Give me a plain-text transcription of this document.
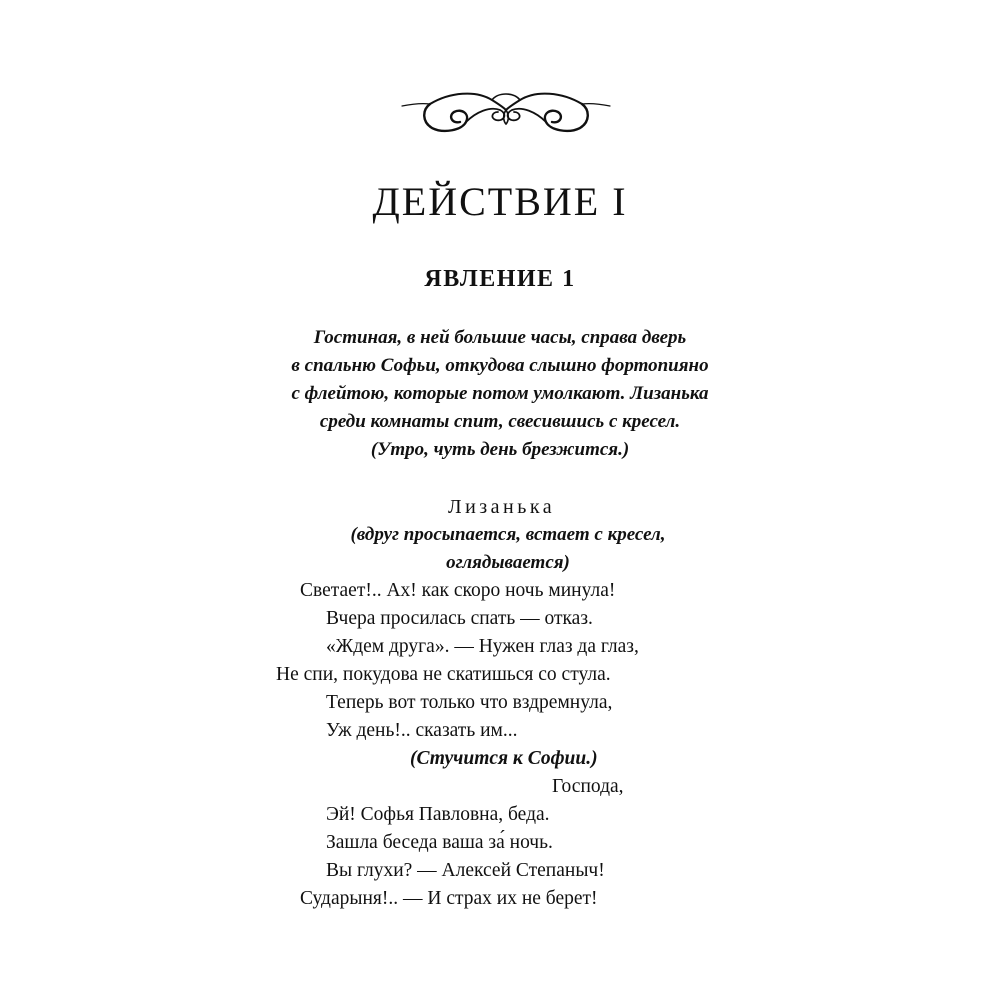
ДЕЙСТВИЕ I
ЯВЛЕНИЕ 1
Гостиная, в ней большие часы, справа дверь
в спальню Софьи, откудова слышно фортопияно
с флейтою, которые потом умолкают. Лизанька
среди комнаты спит, свесившись с кресел.
(Утро, чуть день брезжится.)
Лизанька
(вдруг просыпается, встает с кресел,
оглядывается)
Светает!.. Ах! как скоро ночь минула!
Вчера просилась спать — отказ.
«Ждем друга». — Нужен глаз да глаз,
Не спи, покудова не скатишься со стула.
Теперь вот только что вздремнула,
Уж день!.. сказать им...
(Стучится к Софии.)
Господа,
Эй! Софья Павловна, беда.
Зашла беседа ваша за́ ночь.
Вы глухи? — Алексей Степаныч!
Сударыня!.. — И страх их не берет!
